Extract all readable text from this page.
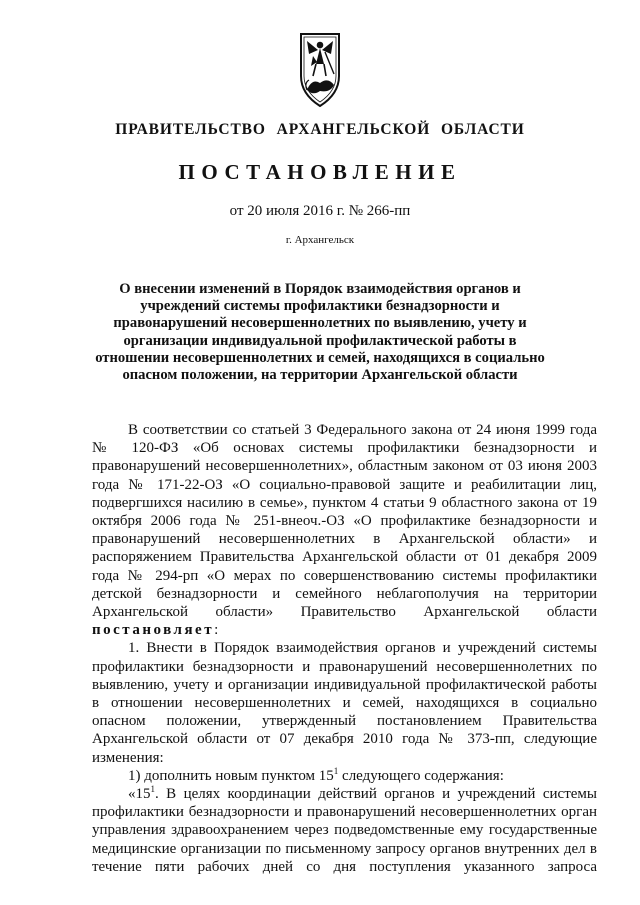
ПРАВИТЕЛЬСТВО АРХАНГЕЛЬСКОЙ ОБЛАСТИ
ПОСТАНОВЛЕНИЕ
от 20 июля 2016 г. № 266-пп
г. Архангельск
О внесении изменений в Порядок взаимодействия органов и учреждений системы профилактики безнадзорности и правонарушений несовершеннолетних по выявлению, учету и организации индивидуальной профилактической работы в отношении несовершеннолетних и семей, находящихся в социально опасном положении, на территории Архангельской области

В соответствии со статьей 3 Федерального закона от 24 июня 1999 года № 120-ФЗ «Об основах системы профилактики безнадзорности и правонарушений несовершеннолетних», областным законом от 03 июня 2003 года № 171-22-ОЗ «О социально-правовой защите и реабилитации лиц, подвергшихся насилию в семье», пунктом 4 статьи 9 областного закона от 19 октября 2006 года № 251-внеоч.-ОЗ «О профилактике безнадзорности и правонарушений несовершеннолетних в Архангельской области» и распоряжением Правительства Архангельской области от 01 декабря 2009 года № 294-рп «О мерах по совершенствованию системы профилактики детской безнадзорности и семейного неблагополучия на территории Архангельской области» Правительство Архангельской области постановляет:

1. Внести в Порядок взаимодействия органов и учреждений системы профилактики безнадзорности и правонарушений несовершеннолетних по выявлению, учету и организации индивидуальной профилактической работы в отношении несовершеннолетних и семей, находящихся в социально опасном положении, утвержденный постановлением Правительства Архангельской области от 07 декабря 2010 года № 373-пп, следующие изменения:

1) дополнить новым пунктом $15^1$ следующего содержания:

«$15^1$. В целях координации действий органов и учреждений системы профилактики безнадзорности и правонарушений несовершеннолетних орган управления здравоохранением через подведомственные ему государственные медицинские организации по письменному запросу органов внутренних дел в течение пяти рабочих дней со дня поступления указанного запроса
